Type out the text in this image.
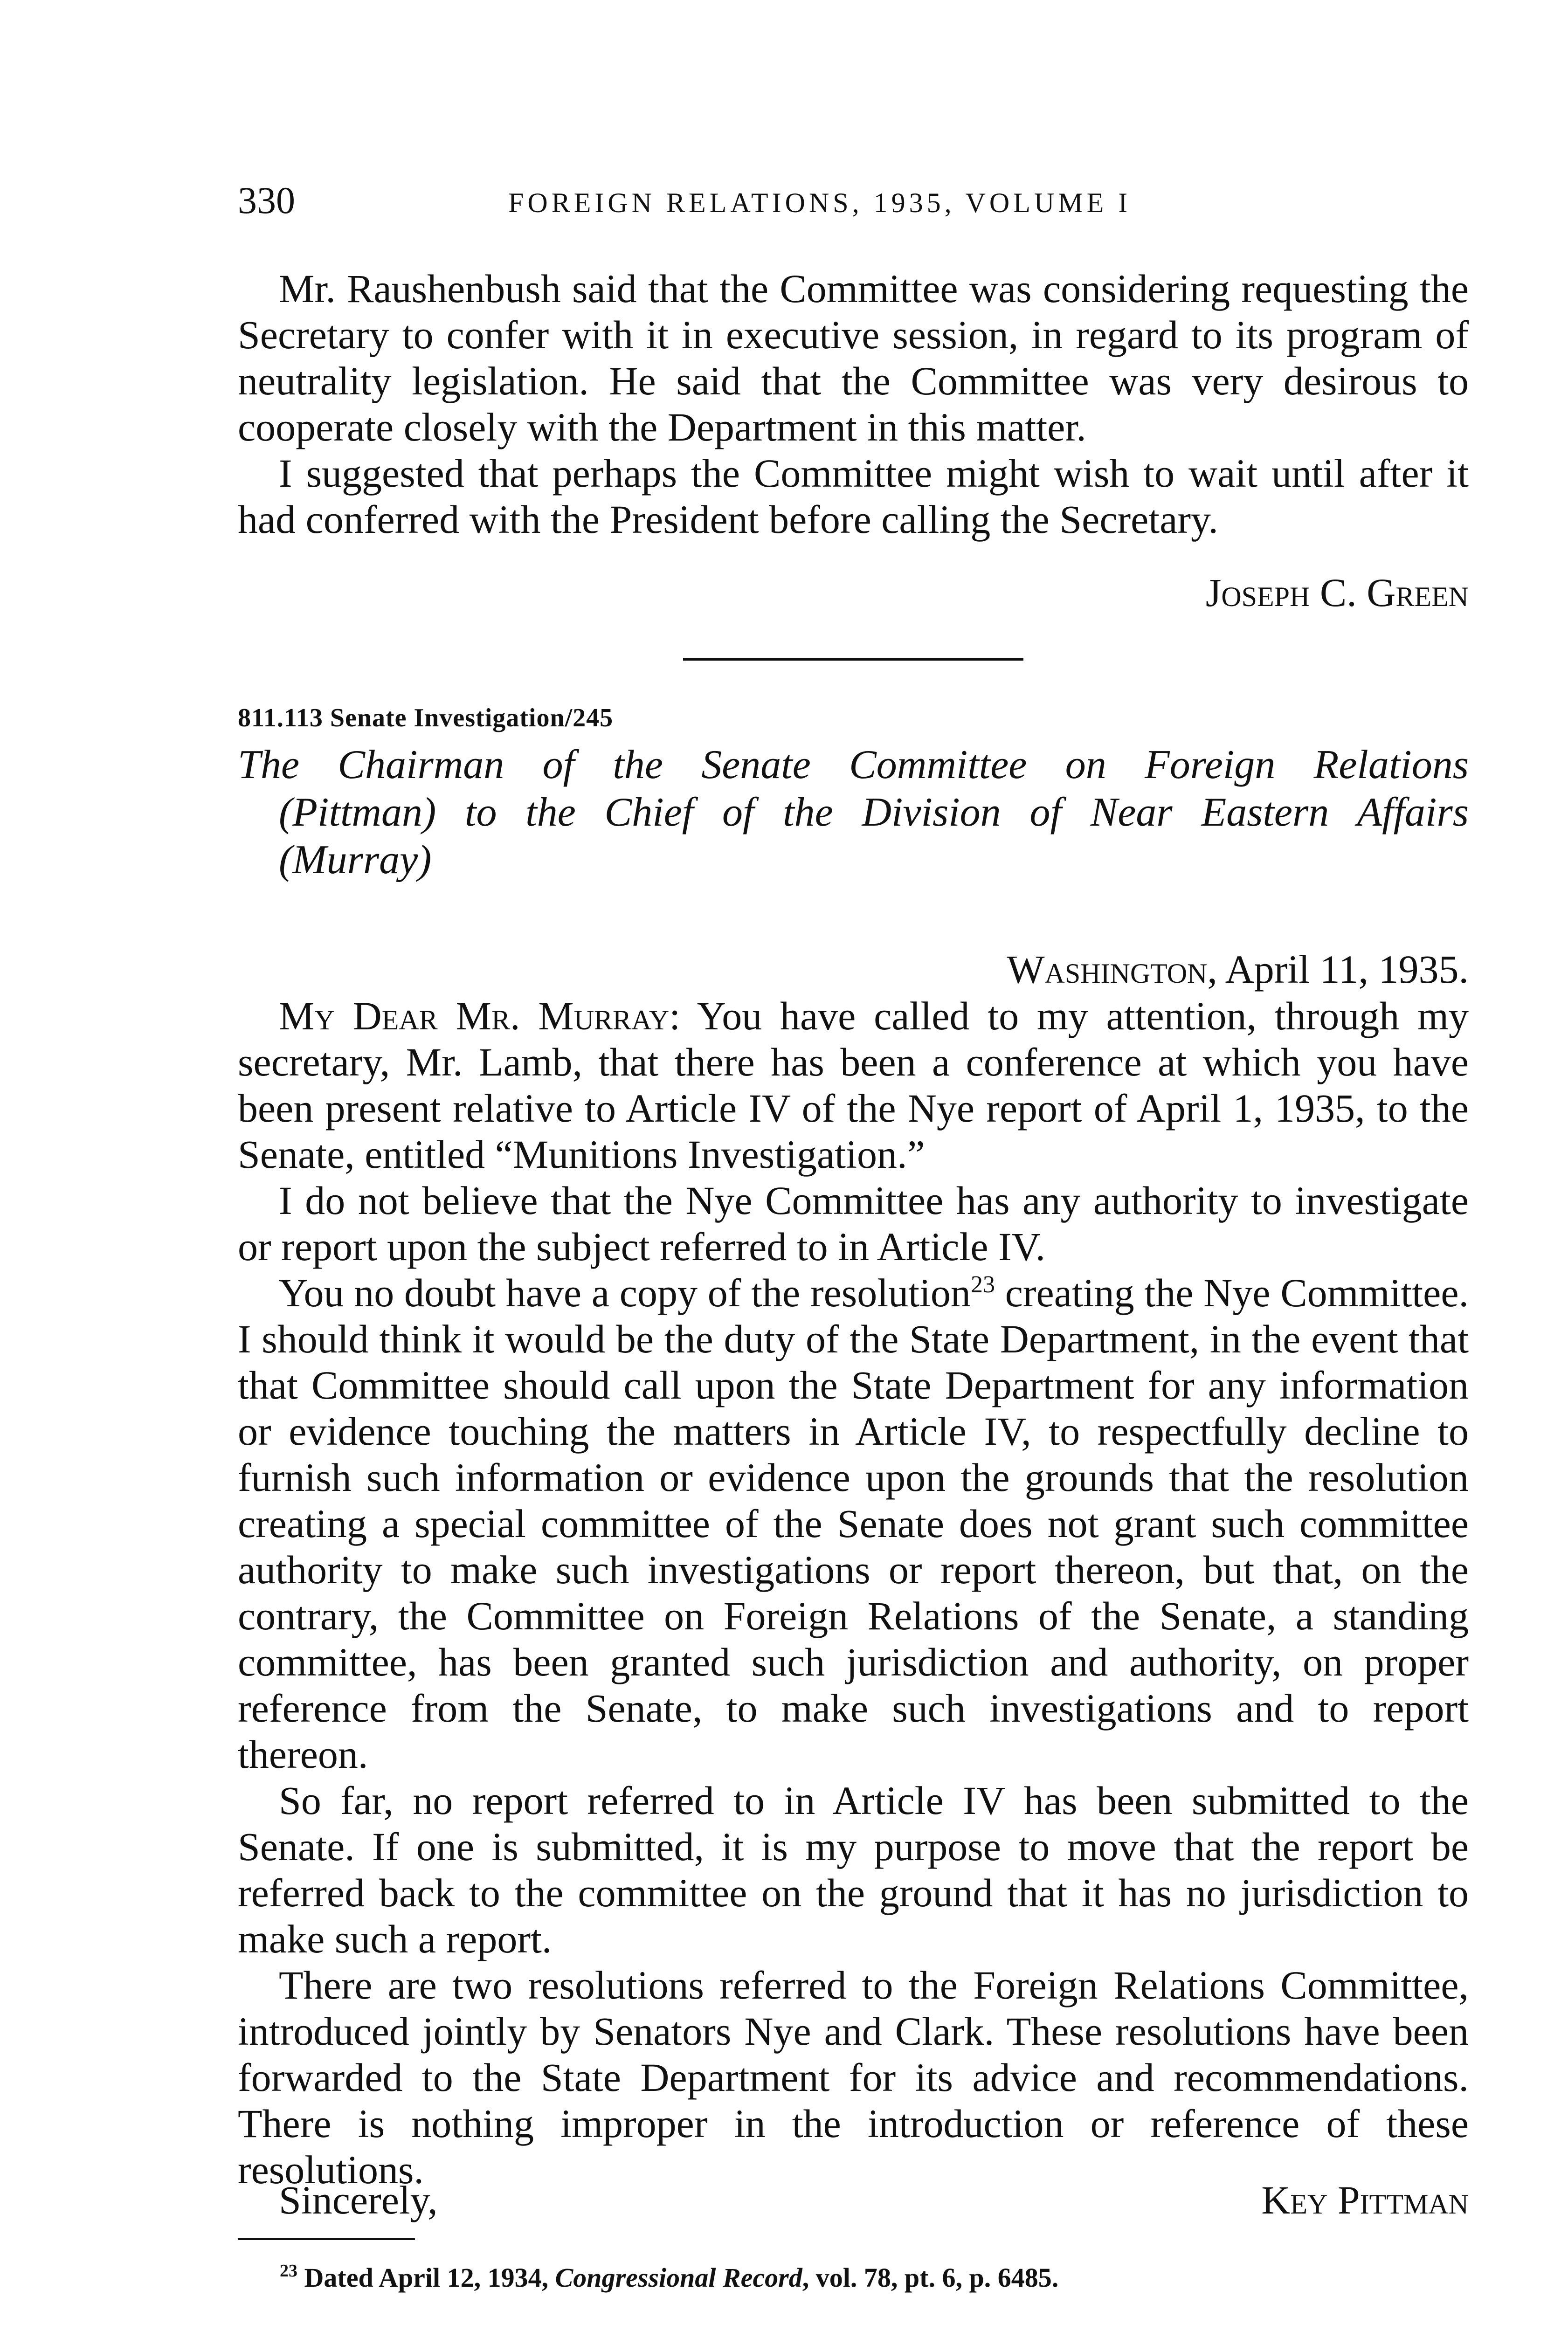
330	FOREIGN RELATIONS, 1935, VOLUME I

Mr. Raushenbush said that the Committee was considering requesting the Secretary to confer with it in executive session, in regard to its program of neutrality legislation. He said that the Committee was very desirous to cooperate closely with the Department in this matter.

I suggested that perhaps the Committee might wish to wait until after it had conferred with the President before calling the Secretary.

Joseph C. Green
811.113 Senate Investigation/245
The Chairman of the Senate Committee on Foreign Relations
(Pittman) to the Chief of the Division of Near Eastern Affairs
(Murray)
Washington, April 11, 1935.

My Dear Mr. Murray: You have called to my attention, through my secretary, Mr. Lamb, that there has been a conference at which you have been present relative to Article IV of the Nye report of April 1, 1935, to the Senate, entitled “Munitions Investigation.”

I do not believe that the Nye Committee has any authority to investigate or report upon the subject referred to in Article IV.

You no doubt have a copy of the resolution$^{23}$ creating the Nye Committee. I should think it would be the duty of the State Department, in the event that that Committee should call upon the State Department for any information or evidence touching the matters in Article IV, to respectfully decline to furnish such information or evidence upon the grounds that the resolution creating a special committee of the Senate does not grant such committee authority to make such investigations or report thereon, but that, on the contrary, the Committee on Foreign Relations of the Senate, a standing committee, has been granted such jurisdiction and authority, on proper reference from the Senate, to make such investigations and to report thereon.

So far, no report referred to in Article IV has been submitted to the Senate. If one is submitted, it is my purpose to move that the report be referred back to the committee on the ground that it has no jurisdiction to make such a report.

There are two resolutions referred to the Foreign Relations Committee, introduced jointly by Senators Nye and Clark. These resolutions have been forwarded to the State Department for its advice and recommendations. There is nothing improper in the introduction or reference of these resolutions.

Sincerely,	Key Pittman
$^{23}$ Dated April 12, 1934, Congressional Record, vol. 78, pt. 6, p. 6485.
